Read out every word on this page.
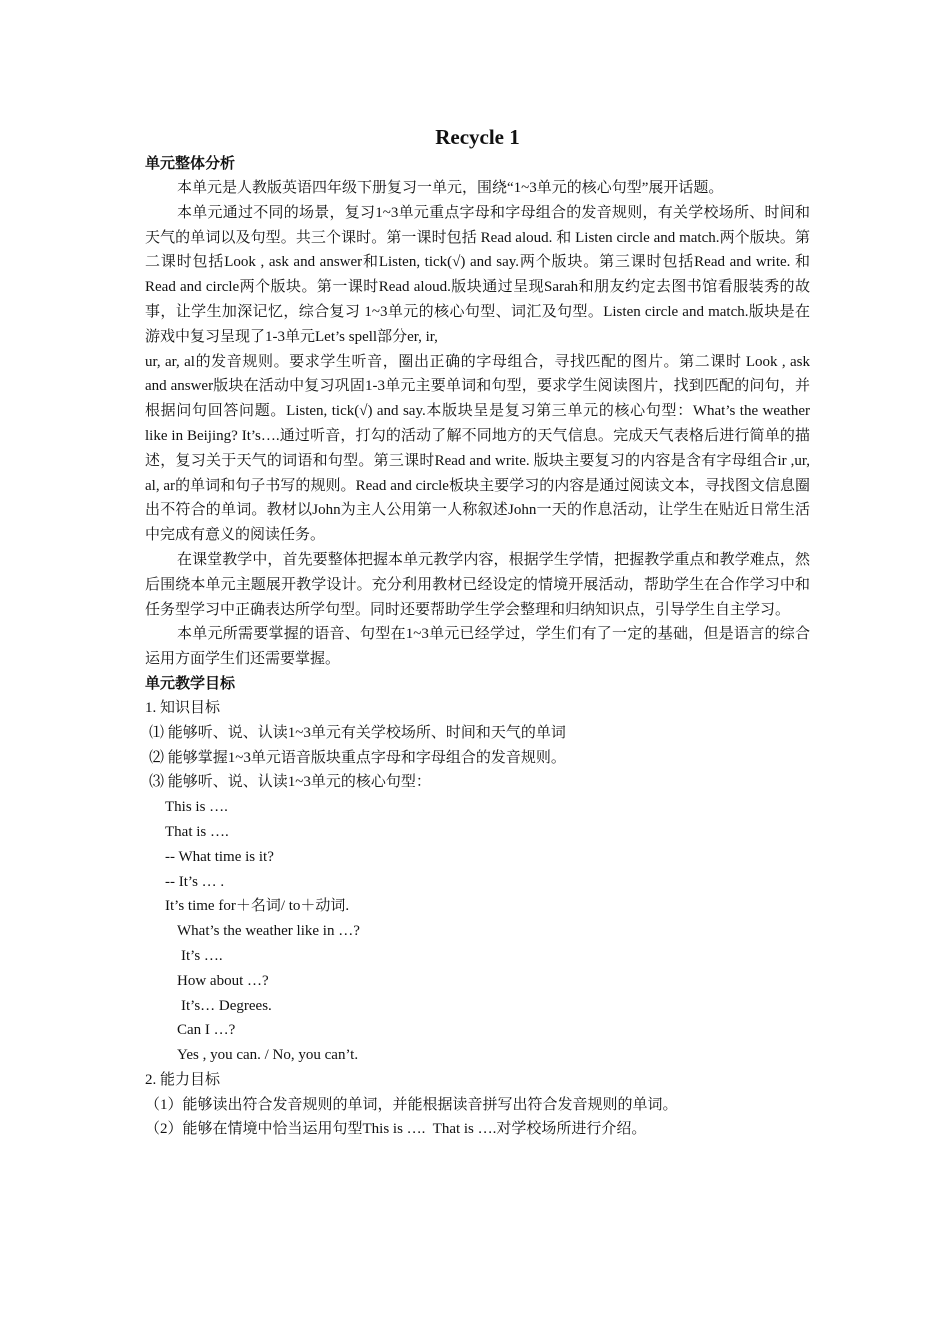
Recycle 1
单元整体分析

本单元是人教版英语四年级下册复习一单元，围绕“1~3单元的核心句型”展开话题。

本单元通过不同的场景，复习1~3单元重点字母和字母组合的发音规则，有关学校场所、时间和天气的单词以及句型。共三个课时。第一课时包括 Read aloud. 和 Listen circle and match.两个版块。第二课时包括Look , ask and answer和Listen, tick(√) and say.两个版块。第三课时包括Read and write. 和 Read and circle两个版块。第一课时Read aloud.版块通过呈现Sarah和朋友约定去图书馆看服装秀的故事，让学生加深记忆，综合复习 1~3单元的核心句型、词汇及句型。Listen circle and match.版块是在游戏中复习呈现了1-3单元Let’s spell部分er, ir,

ur, ar, al的发音规则。要求学生听音，圈出正确的字母组合，寻找匹配的图片。第二课时 Look , ask and answer版块在活动中复习巩固1-3单元主要单词和句型，要求学生阅读图片，找到匹配的问句，并根据问句回答问题。Listen, tick(√) and say.本版块呈是复习第三单元的核心句型：What’s the weather like in Beijing? It’s….通过听音，打勾的活动了解不同地方的天气信息。完成天气表格后进行简单的描述，复习关于天气的词语和句型。第三课时Read and write. 版块主要复习的内容是含有字母组合ir ,ur, al, ar的单词和句子书写的规则。Read and circle板块主要学习的内容是通过阅读文本，寻找图文信息圈出不符合的单词。教材以John为主人公用第一人称叙述John一天的作息活动，让学生在贴近日常生活中完成有意义的阅读任务。

在课堂教学中，首先要整体把握本单元教学内容，根据学生学情，把握教学重点和教学难点，然后围绕本单元主题展开教学设计。充分利用教材已经设定的情境开展活动，帮助学生在合作学习中和任务型学习中正确表达所学句型。同时还要帮助学生学会整理和归纳知识点，引导学生自主学习。

本单元所需要掌握的语音、句型在1~3单元已经学过，学生们有了一定的基础，但是语言的综合运用方面学生们还需要掌握。

单元教学目标
1. 知识目标
⑴ 能够听、说、认读1~3单元有关学校场所、时间和天气的单词
⑵ 能够掌握1~3单元语音版块重点字母和字母组合的发音规则。
⑶ 能够听、说、认读1~3单元的核心句型：
This is ….
That is ….
-- What time is it?
-- It’s … .
It’s time for＋名词/ to＋动词.
What’s the weather like in …?
It’s ….
How about …?
It’s… Degrees.
Can I …?
Yes , you can. / No, you can’t.
2. 能力目标
（1）能够读出符合发音规则的单词，并能根据读音拼写出符合发音规则的单词。
（2）能够在情境中恰当运用句型This is ….  That is ….对学校场所进行介绍。
